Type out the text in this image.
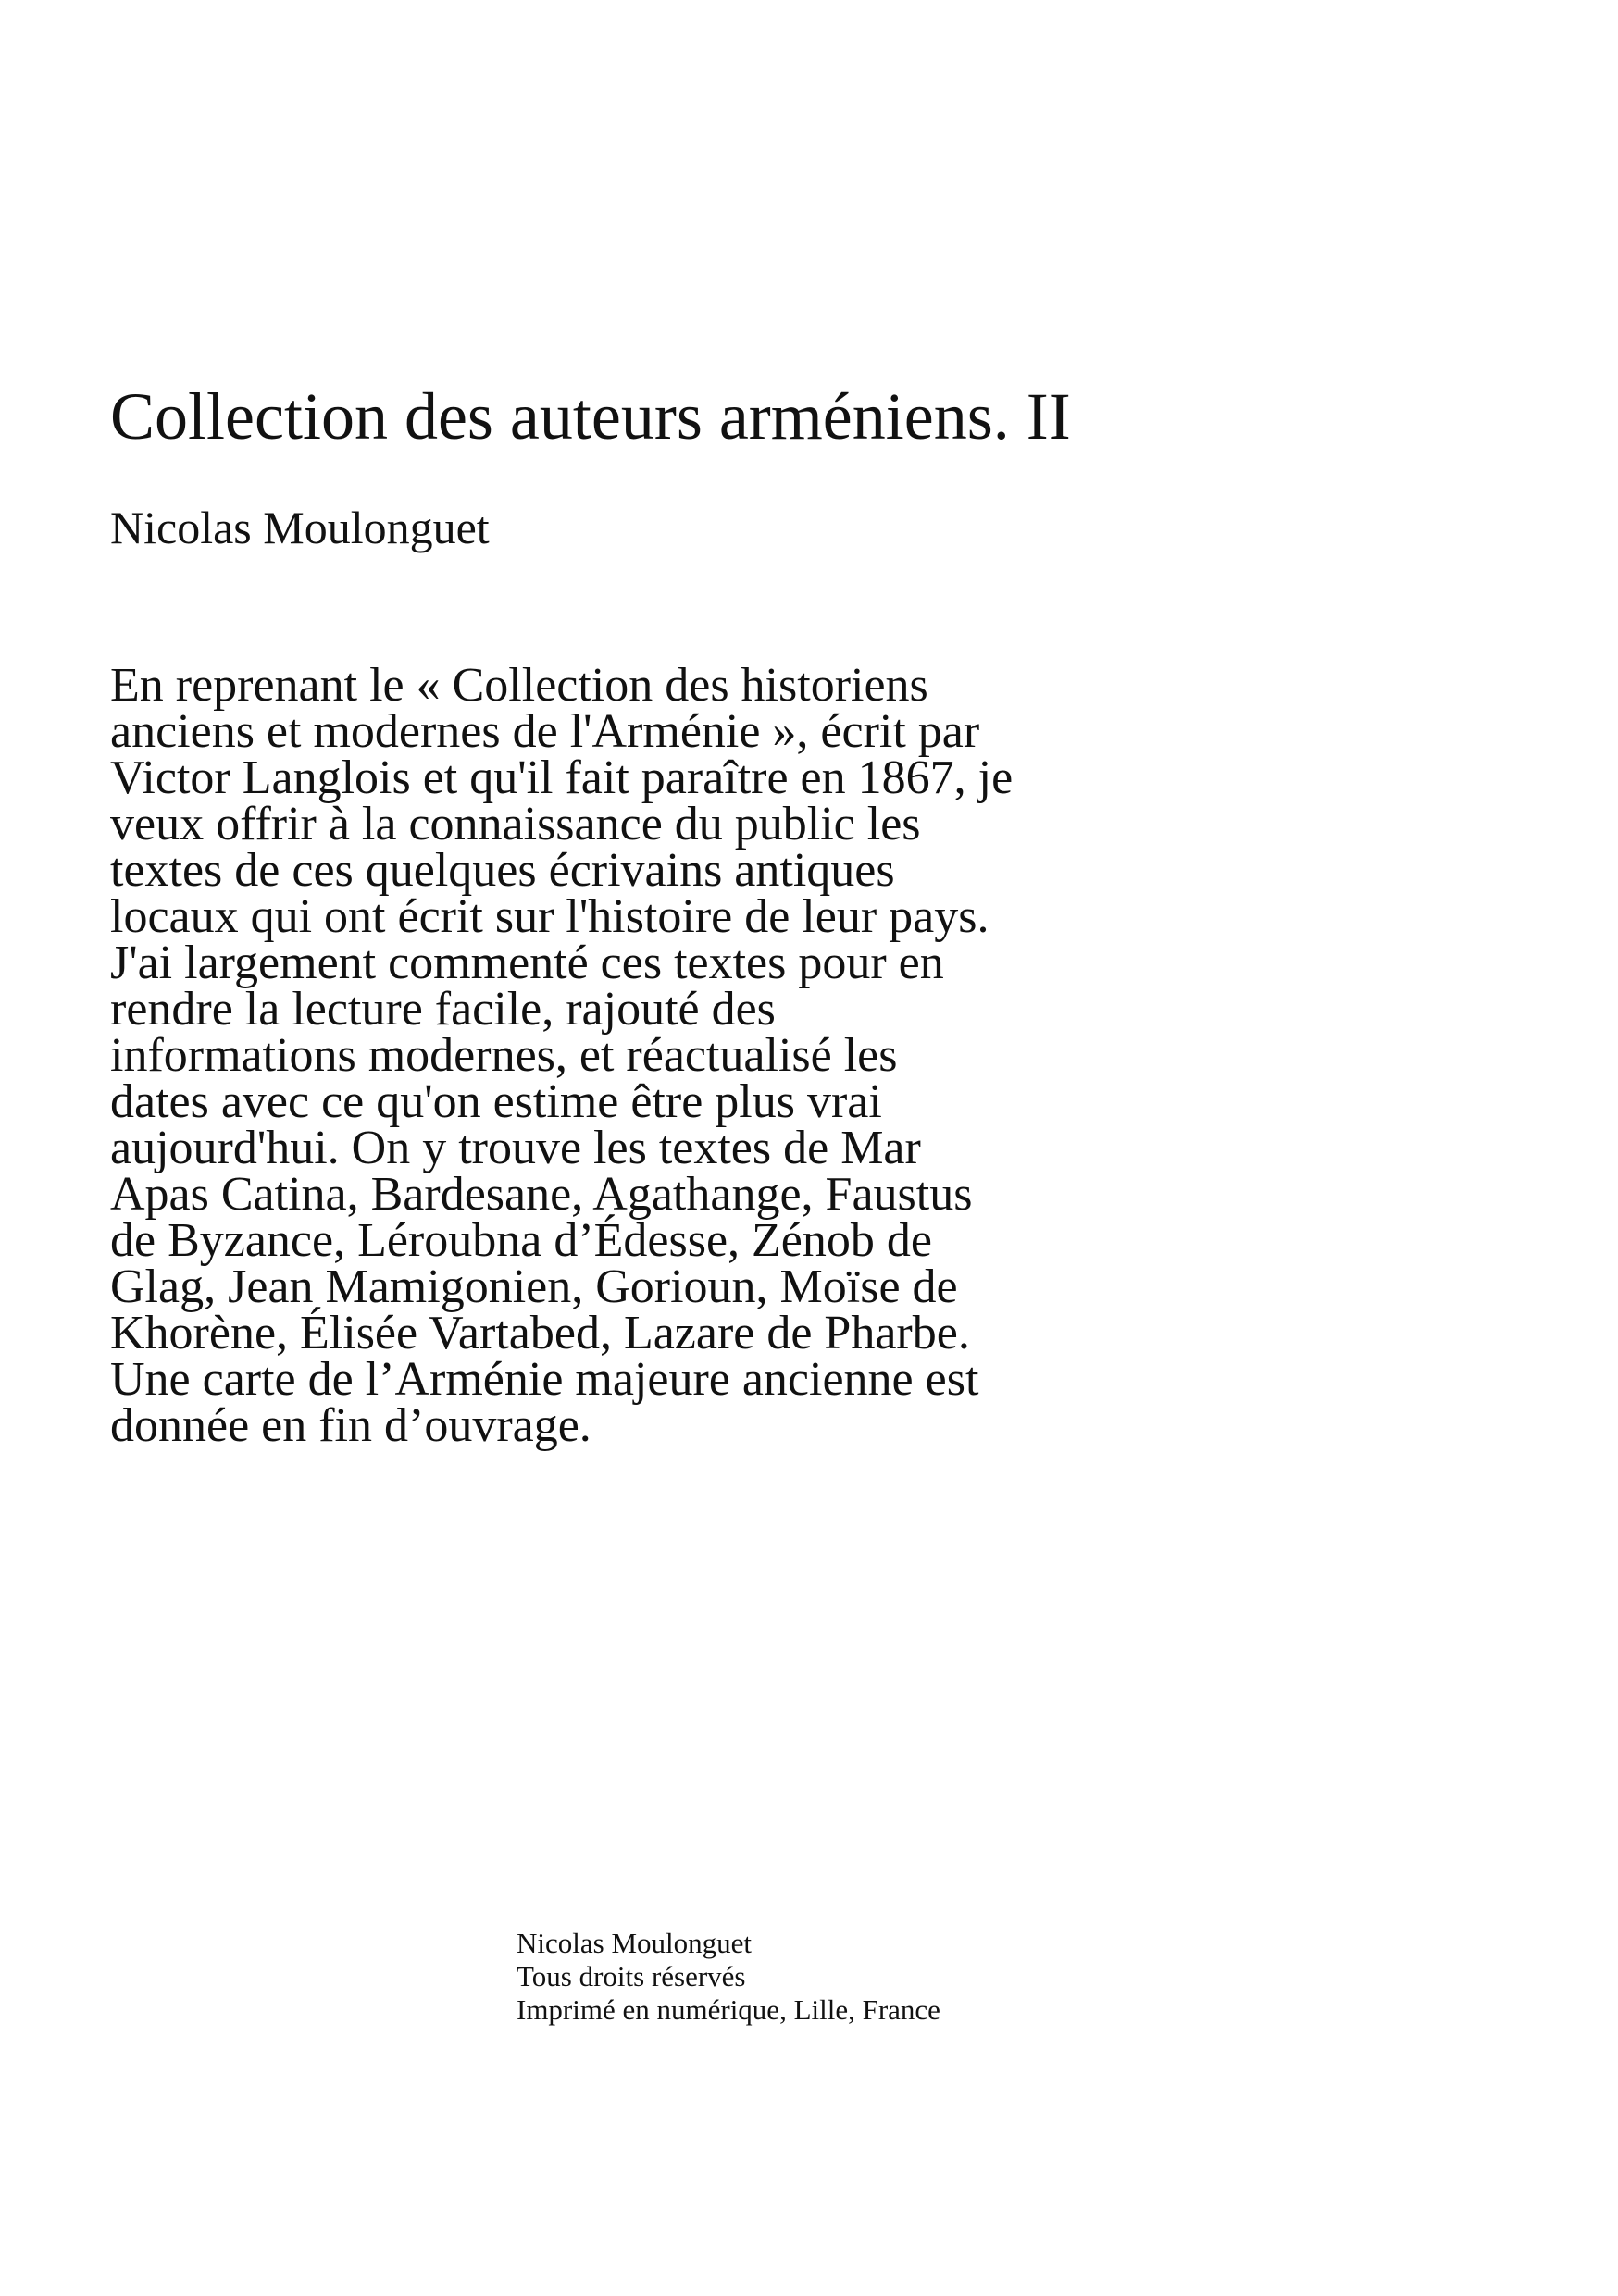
Collection des auteurs arméniens. II

Nicolas Moulonguet

En reprenant le « Collection des historiens
anciens et modernes de l'Arménie », écrit par
Victor Langlois et qu'il fait paraître en 1867, je
veux offrir à la connaissance du public les
textes de ces quelques écrivains antiques
locaux qui ont écrit sur l'histoire de leur pays.
J'ai largement commenté ces textes pour en
rendre la lecture facile, rajouté des
informations modernes, et réactualisé les
dates avec ce qu'on estime être plus vrai
aujourd'hui. On y trouve les textes de Mar
Apas Catina, Bardesane, Agathange, Faustus
de Byzance, Léroubna d’Édesse, Zénob de
Glag, Jean Mamigonien, Gorioun, Moïse de
Khorène, Élisée Vartabed, Lazare de Pharbe.
Une carte de l’Arménie majeure ancienne est
donnée en fin d’ouvrage.
Nicolas Moulonguet
Tous droits réservés
Imprimé en numérique, Lille, France
